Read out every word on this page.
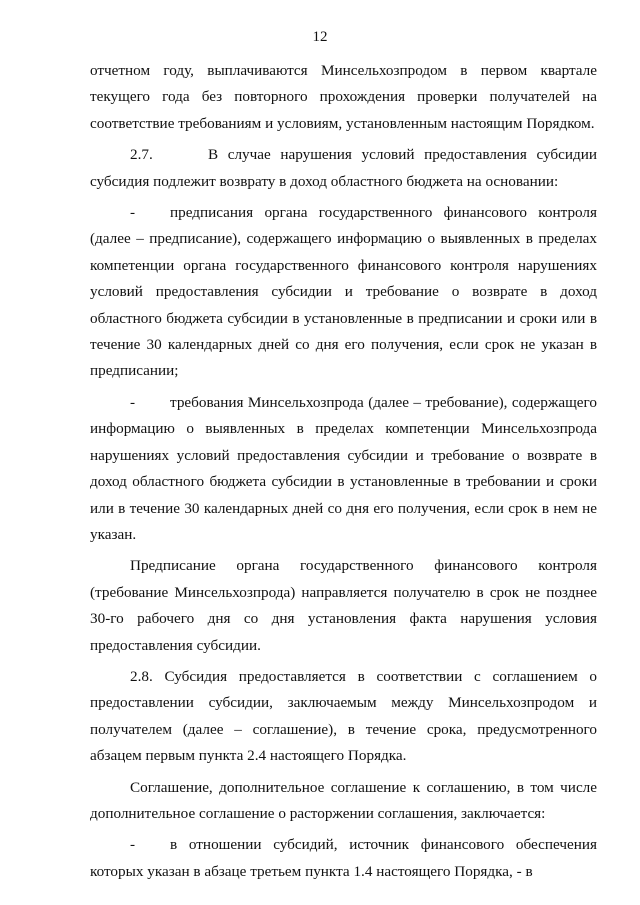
12

отчетном году, выплачиваются Минсельхозпродом в первом квартале текущего года без повторного прохождения проверки получателей на соответствие требованиям и условиям, установленным настоящим Порядком.

2.7.	В случае нарушения условий предоставления субсидии субсидия подлежит возврату в доход областного бюджета на основании:

- предписания органа государственного финансового контроля (далее – предписание), содержащего информацию о выявленных в пределах компетенции органа государственного финансового контроля нарушениях условий предоставления субсидии и требование о возврате в доход областного бюджета субсидии в установленные в предписании и сроки или в течение 30 календарных дней со дня его получения, если срок не указан в предписании;

- требования Минсельхозпрода (далее – требование), содержащего информацию о выявленных в пределах компетенции Минсельхозпрода нарушениях условий предоставления субсидии и требование о возврате в доход областного бюджета субсидии в установленные в требовании и сроки или в течение 30 календарных дней со дня его получения, если срок в нем не указан.

Предписание органа государственного финансового контроля (требование Минсельхозпрода) направляется получателю в срок не позднее 30-го рабочего дня со дня установления факта нарушения условия предоставления субсидии.

2.8. Субсидия предоставляется в соответствии с соглашением о предоставлении субсидии, заключаемым между Минсельхозпродом и получателем (далее – соглашение), в течение срока, предусмотренного абзацем первым пункта 2.4 настоящего Порядка.

Соглашение, дополнительное соглашение к соглашению, в том числе дополнительное соглашение о расторжении соглашения, заключается:

- в отношении субсидий, источник финансового обеспечения которых указан в абзаце третьем пункта 1.4 настоящего Порядка, - в
